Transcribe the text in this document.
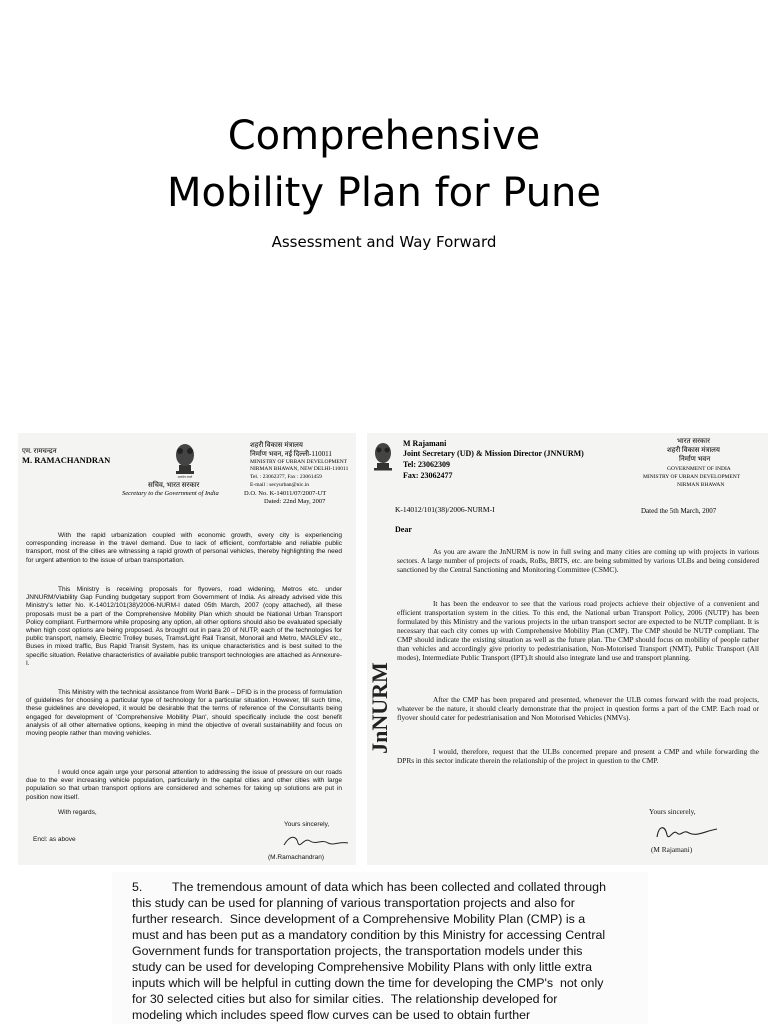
Comprehensive
Mobility Plan for Pune
Assessment and Way Forward
एम. रामचन्द्रन
M. RAMACHANDRAN
सत्यमेव जयते
शहरी विकास मंत्रालय
निर्माण भवन, नई दिल्ली-110011
MINISTRY OF URBAN DEVELOPMENT
NIRMAN BHAWAN, NEW DELHI-110011
Tel. : 23062377, Fax : 23061459
E-mail : secyurban@nic.in
सचिव, भारत सरकार
Secretary to the Government of India	D.O. No. K-14011/07/2007-UT
Dated: 22nd May, 2007
With the rapid urbanization coupled with economic growth, every city is experiencing corresponding increase in the travel demand. Due to lack of efficient, comfortable and reliable public transport, most of the cities are witnessing a rapid growth of personal vehicles, thereby highlighting the need for urgent attention to the issue of urban transportation.
This Ministry is receiving proposals for flyovers, road widening, Metros etc. under JNNURM/Viability Gap Funding budgetary support from Government of India. As already advised vide this Ministry's letter No. K-14012/101(38)/2006-NURM-I dated 05th March, 2007 (copy attached), all these proposals must be a part of the Comprehensive Mobility Plan which should be National Urban Transport Policy compliant. Furthermore while proposing any option, all other options should also be evaluated specially when high cost options are being proposed. As brought out in para 20 of NUTP, each of the technologies for public transport, namely, Electric Trolley buses, Trams/Light Rail Transit, Monorail and Metro, MAGLEV etc., Buses in mixed traffic, Bus Rapid Transit System, has its unique characteristics and is best suited to the specific situation. Relative characteristics of available public transport technologies are attached as Annexure-I.
This Ministry with the technical assistance from World Bank – DFID is in the process of formulation of guidelines for choosing a particular type of technology for a particular situation. However, till such time, these guidelines are developed, it would be desirable that the terms of reference of the Consultants being engaged for development of 'Comprehensive Mobility Plan', should specifically include the cost benefit analysis of all other alternative options, keeping in mind the objective of overall sustainability and focus on moving people rather than moving vehicles.
I would once again urge your personal attention to addressing the issue of pressure on our roads due to the ever increasing vehicle population, particularly in the capital cities and other cities with large population so that urban transport options are considered and schemes for taking up solutions are put in position now itself.
With regards,
Yours sincerely,
Encl: as above
(M.Ramachandran)
M Rajamani
Joint Secretary (UD) & Mission Director (JNNURM)
Tel: 23062309
Fax: 23062477
भारत सरकार
शहरी विकास मंत्रालय
निर्माण भवन
GOVERNMENT OF INDIA
MINISTRY OF URBAN DEVELOPMENT
NIRMAN BHAWAN
K-14012/101(38)/2006-NURM-I	Dated the 5th March, 2007
Dear

JnNURM

As you are aware the JnNURM is now in full swing and many cities are coming up with projects in various sectors. A large number of projects of roads, RoBs, BRTS, etc. are being submitted by various ULBs and being considered sanctioned by the Central Sanctioning and Monitoring Committee (CSMC).
It has been the endeavor to see that the various road projects achieve their objective of a convenient and efficient transportation system in the cities. To this end, the National urban Transport Policy, 2006 (NUTP) has been formulated by this Ministry and the various projects in the urban transport sector are expected to be NUTP compliant. It is necessary that each city comes up with Comprehensive Mobility Plan (CMP). The CMP should be NUTP compliant. The CMP should indicate the existing situation as well as the future plan. The CMP should focus on mobility of people rather than vehicles and accordingly give priority to pedestrianisation, Non-Motorised Transport (NMT), Public Transport (All modes), Intermediate Public Transport (IPT).It should also integrate land use and transport planning.
After the CMP has been prepared and presented, whenever the ULB comes forward with the road projects, whatever be the nature, it should clearly demonstrate that the project in question forms a part of the CMP. Each road or flyover should cater for pedestrianisation and Non Motorised Vehicles (NMVs).
I would, therefore, request that the ULBs concerned prepare and present a CMP and while forwarding the DPRs in this sector indicate therein the relationship of the project in question to the CMP.
Yours sincerely,
(M Rajamani)
5. The tremendous amount of data which has been collected and collated through
this study can be used for planning of various transportation projects and also for
further research.  Since development of a Comprehensive Mobility Plan (CMP) is a
must and has been put as a mandatory condition by this Ministry for accessing Central
Government funds for transportation projects, the transportation models under this
study can be used for developing Comprehensive Mobility Plans with only little extra
inputs which will be helpful in cutting down the time for developing the CMP's  not only
for 30 selected cities but also for similar cities.  The relationship developed for
modeling which includes speed flow curves can be used to obtain further
